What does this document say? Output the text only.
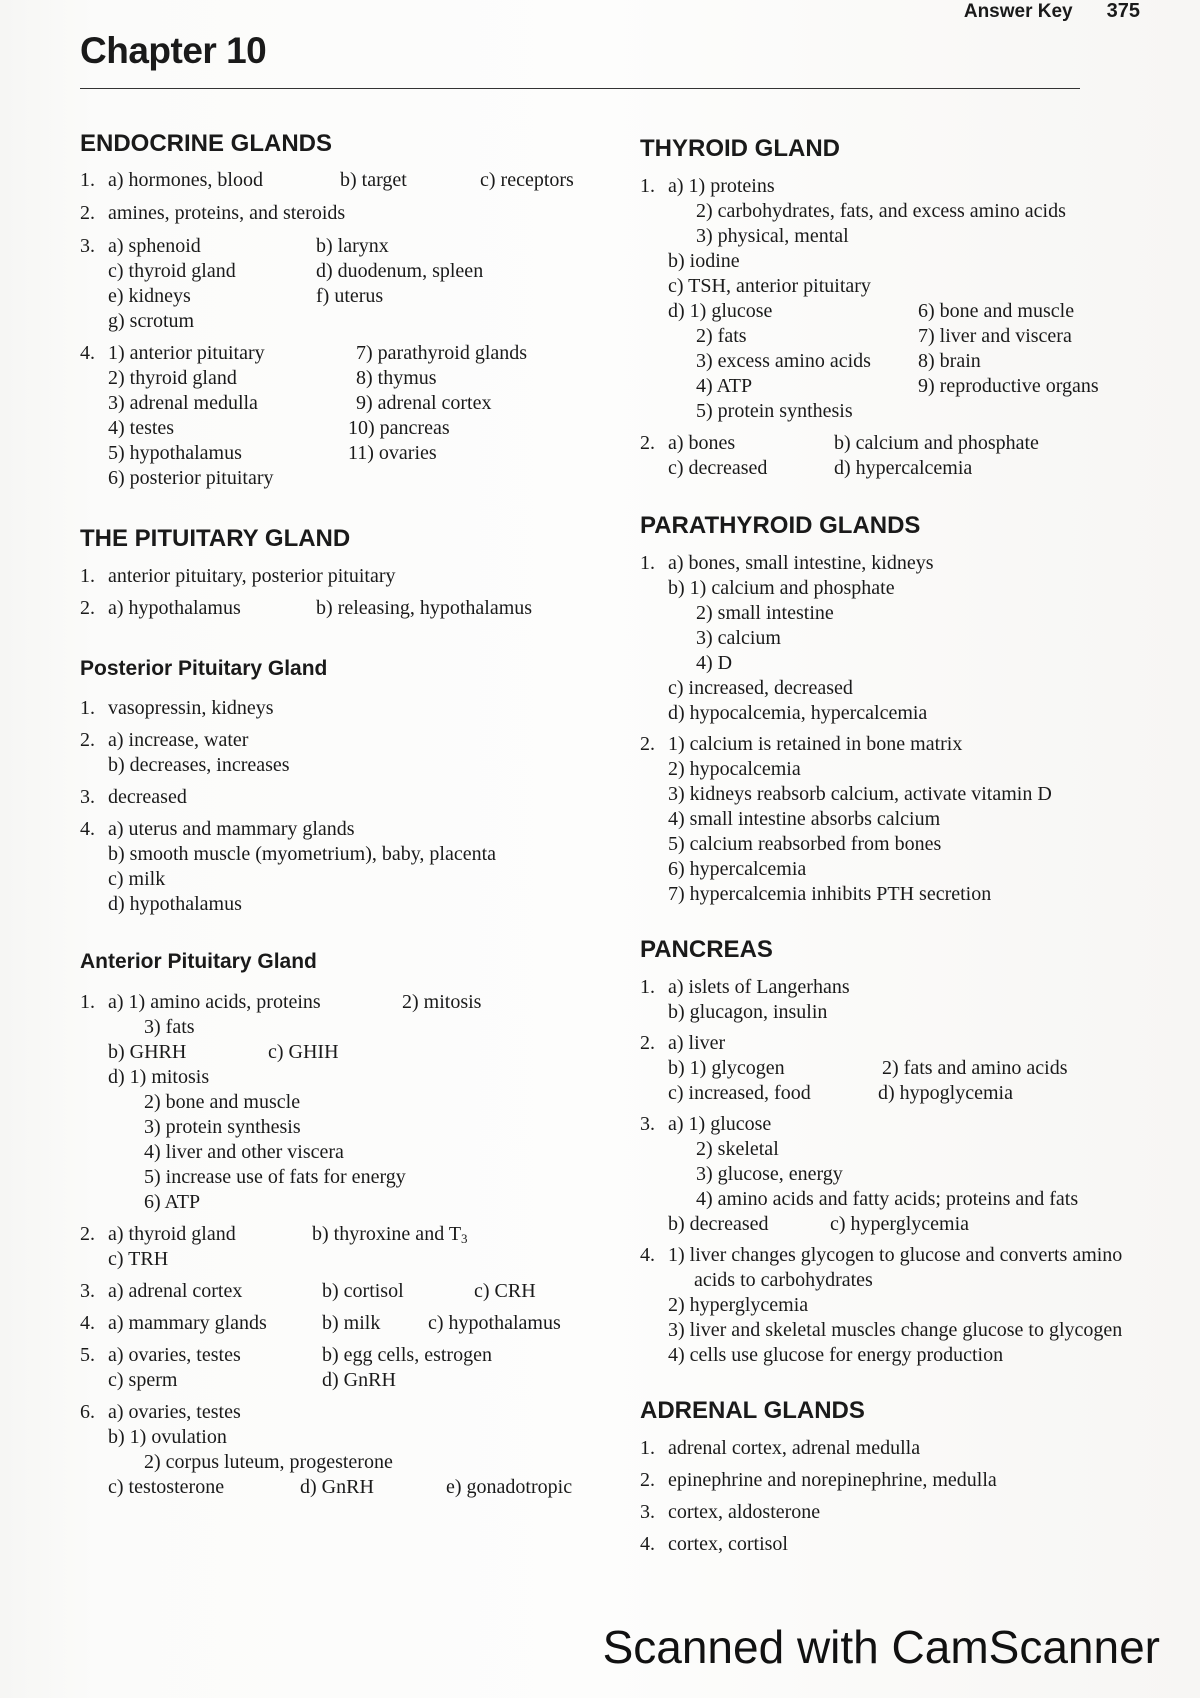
Answer Key 375
Chapter 10
ENDOCRINE GLANDS
1. a) hormones, blood	b) target	c) receptors
2. amines, proteins, and steroids
3. a) sphenoid	b) larynx
c) thyroid gland	d) duodenum, spleen
e) kidneys	f) uterus
g) scrotum
4. 1) anterior pituitary	7) parathyroid glands
2) thyroid gland	8) thymus
3) adrenal medulla	9) adrenal cortex
4) testes	10) pancreas
5) hypothalamus	11) ovaries
6) posterior pituitary
THE PITUITARY GLAND
1. anterior pituitary, posterior pituitary
2. a) hypothalamus	b) releasing, hypothalamus
Posterior Pituitary Gland
1. vasopressin, kidneys
2. a) increase, water
b) decreases, increases
3. decreased
4. a) uterus and mammary glands
b) smooth muscle (myometrium), baby, placenta
c) milk
d) hypothalamus
Anterior Pituitary Gland
1. a) 1) amino acids, proteins	2) mitosis
3) fats
b) GHRH	c) GHIH
d) 1) mitosis
2) bone and muscle
3) protein synthesis
4) liver and other viscera
5) increase use of fats for energy
6) ATP
2. a) thyroid gland	b) thyroxine and $T_3$
c) TRH
3. a) adrenal cortex	b) cortisol	c) CRH
4. a) mammary glands	b) milk c) hypothalamus
5. a) ovaries, testes	b) egg cells, estrogen
c) sperm	d) GnRH
6. a) ovaries, testes
b) 1) ovulation
2) corpus luteum, progesterone
c) testosterone	d) GnRH	e) gonadotropic
THYROID GLAND
1. a) 1) proteins
2) carbohydrates, fats, and excess amino acids
3) physical, mental
b) iodine
c) TSH, anterior pituitary
d) 1) glucose	6) bone and muscle
2) fats	7) liver and viscera
3) excess amino acids 8) brain
4) ATP	9) reproductive organs
5) protein synthesis
2. a) bones	b) calcium and phosphate
c) decreased	d) hypercalcemia
PARATHYROID GLANDS
1. a) bones, small intestine, kidneys
b) 1) calcium and phosphate
2) small intestine
3) calcium
4) D
c) increased, decreased
d) hypocalcemia, hypercalcemia
2. 1) calcium is retained in bone matrix
2) hypocalcemia
3) kidneys reabsorb calcium, activate vitamin D
4) small intestine absorbs calcium
5) calcium reabsorbed from bones
6) hypercalcemia
7) hypercalcemia inhibits PTH secretion
PANCREAS
1. a) islets of Langerhans
b) glucagon, insulin
2. a) liver
b) 1) glycogen	2) fats and amino acids
c) increased, food	d) hypoglycemia
3. a) 1) glucose
2) skeletal
3) glucose, energy
4) amino acids and fatty acids; proteins and fats
b) decreased	c) hyperglycemia
4. 1) liver changes glycogen to glucose and converts amino
acids to carbohydrates
2) hyperglycemia
3) liver and skeletal muscles change glucose to glycogen
4) cells use glucose for energy production
ADRENAL GLANDS
1. adrenal cortex, adrenal medulla
2. epinephrine and norepinephrine, medulla
3. cortex, aldosterone
4. cortex, cortisol
Scanned with CamScanner
